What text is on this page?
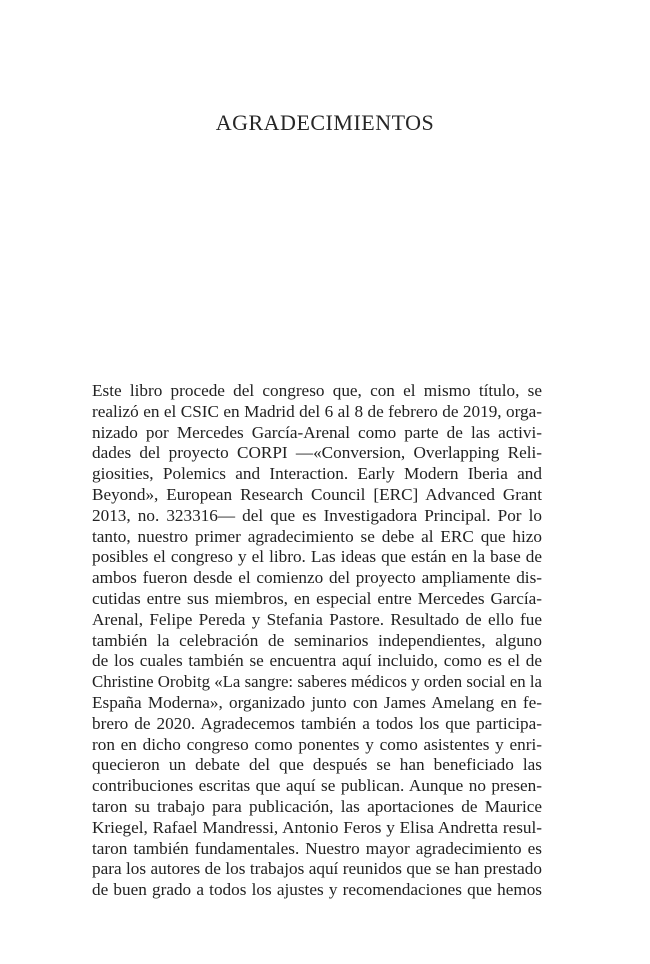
AGRADECIMIENTOS
Este libro procede del congreso que, con el mismo título, se
realizó en el CSIC en Madrid del 6 al 8 de febrero de 2019, orga-
nizado por Mercedes García-Arenal como parte de las activi-
dades del proyecto CORPI —«Conversion, Overlapping Reli-
giosities, Polemics and Interaction. Early Modern Iberia and
Beyond», European Research Council [ERC] Advanced Grant
2013, no. 323316— del que es Investigadora Principal. Por lo
tanto, nuestro primer agradecimiento se debe al ERC que hizo
posibles el congreso y el libro. Las ideas que están en la base de
ambos fueron desde el comienzo del proyecto ampliamente dis-
cutidas entre sus miembros, en especial entre Mercedes García-
Arenal, Felipe Pereda y Stefania Pastore. Resultado de ello fue
también la celebración de seminarios independientes, alguno
de los cuales también se encuentra aquí incluido, como es el de
Christine Orobitg «La sangre: saberes médicos y orden social en la
España Moderna», organizado junto con James Amelang en fe-
brero de 2020. Agradecemos también a todos los que participa-
ron en dicho congreso como ponentes y como asistentes y enri-
quecieron un debate del que después se han beneficiado las
contribuciones escritas que aquí se publican. Aunque no presen-
taron su trabajo para publicación, las aportaciones de Maurice
Kriegel, Rafael Mandressi, Antonio Feros y Elisa Andretta resul-
taron también fundamentales. Nuestro mayor agradecimiento es
para los autores de los trabajos aquí reunidos que se han prestado
de buen grado a todos los ajustes y recomendaciones que hemos
